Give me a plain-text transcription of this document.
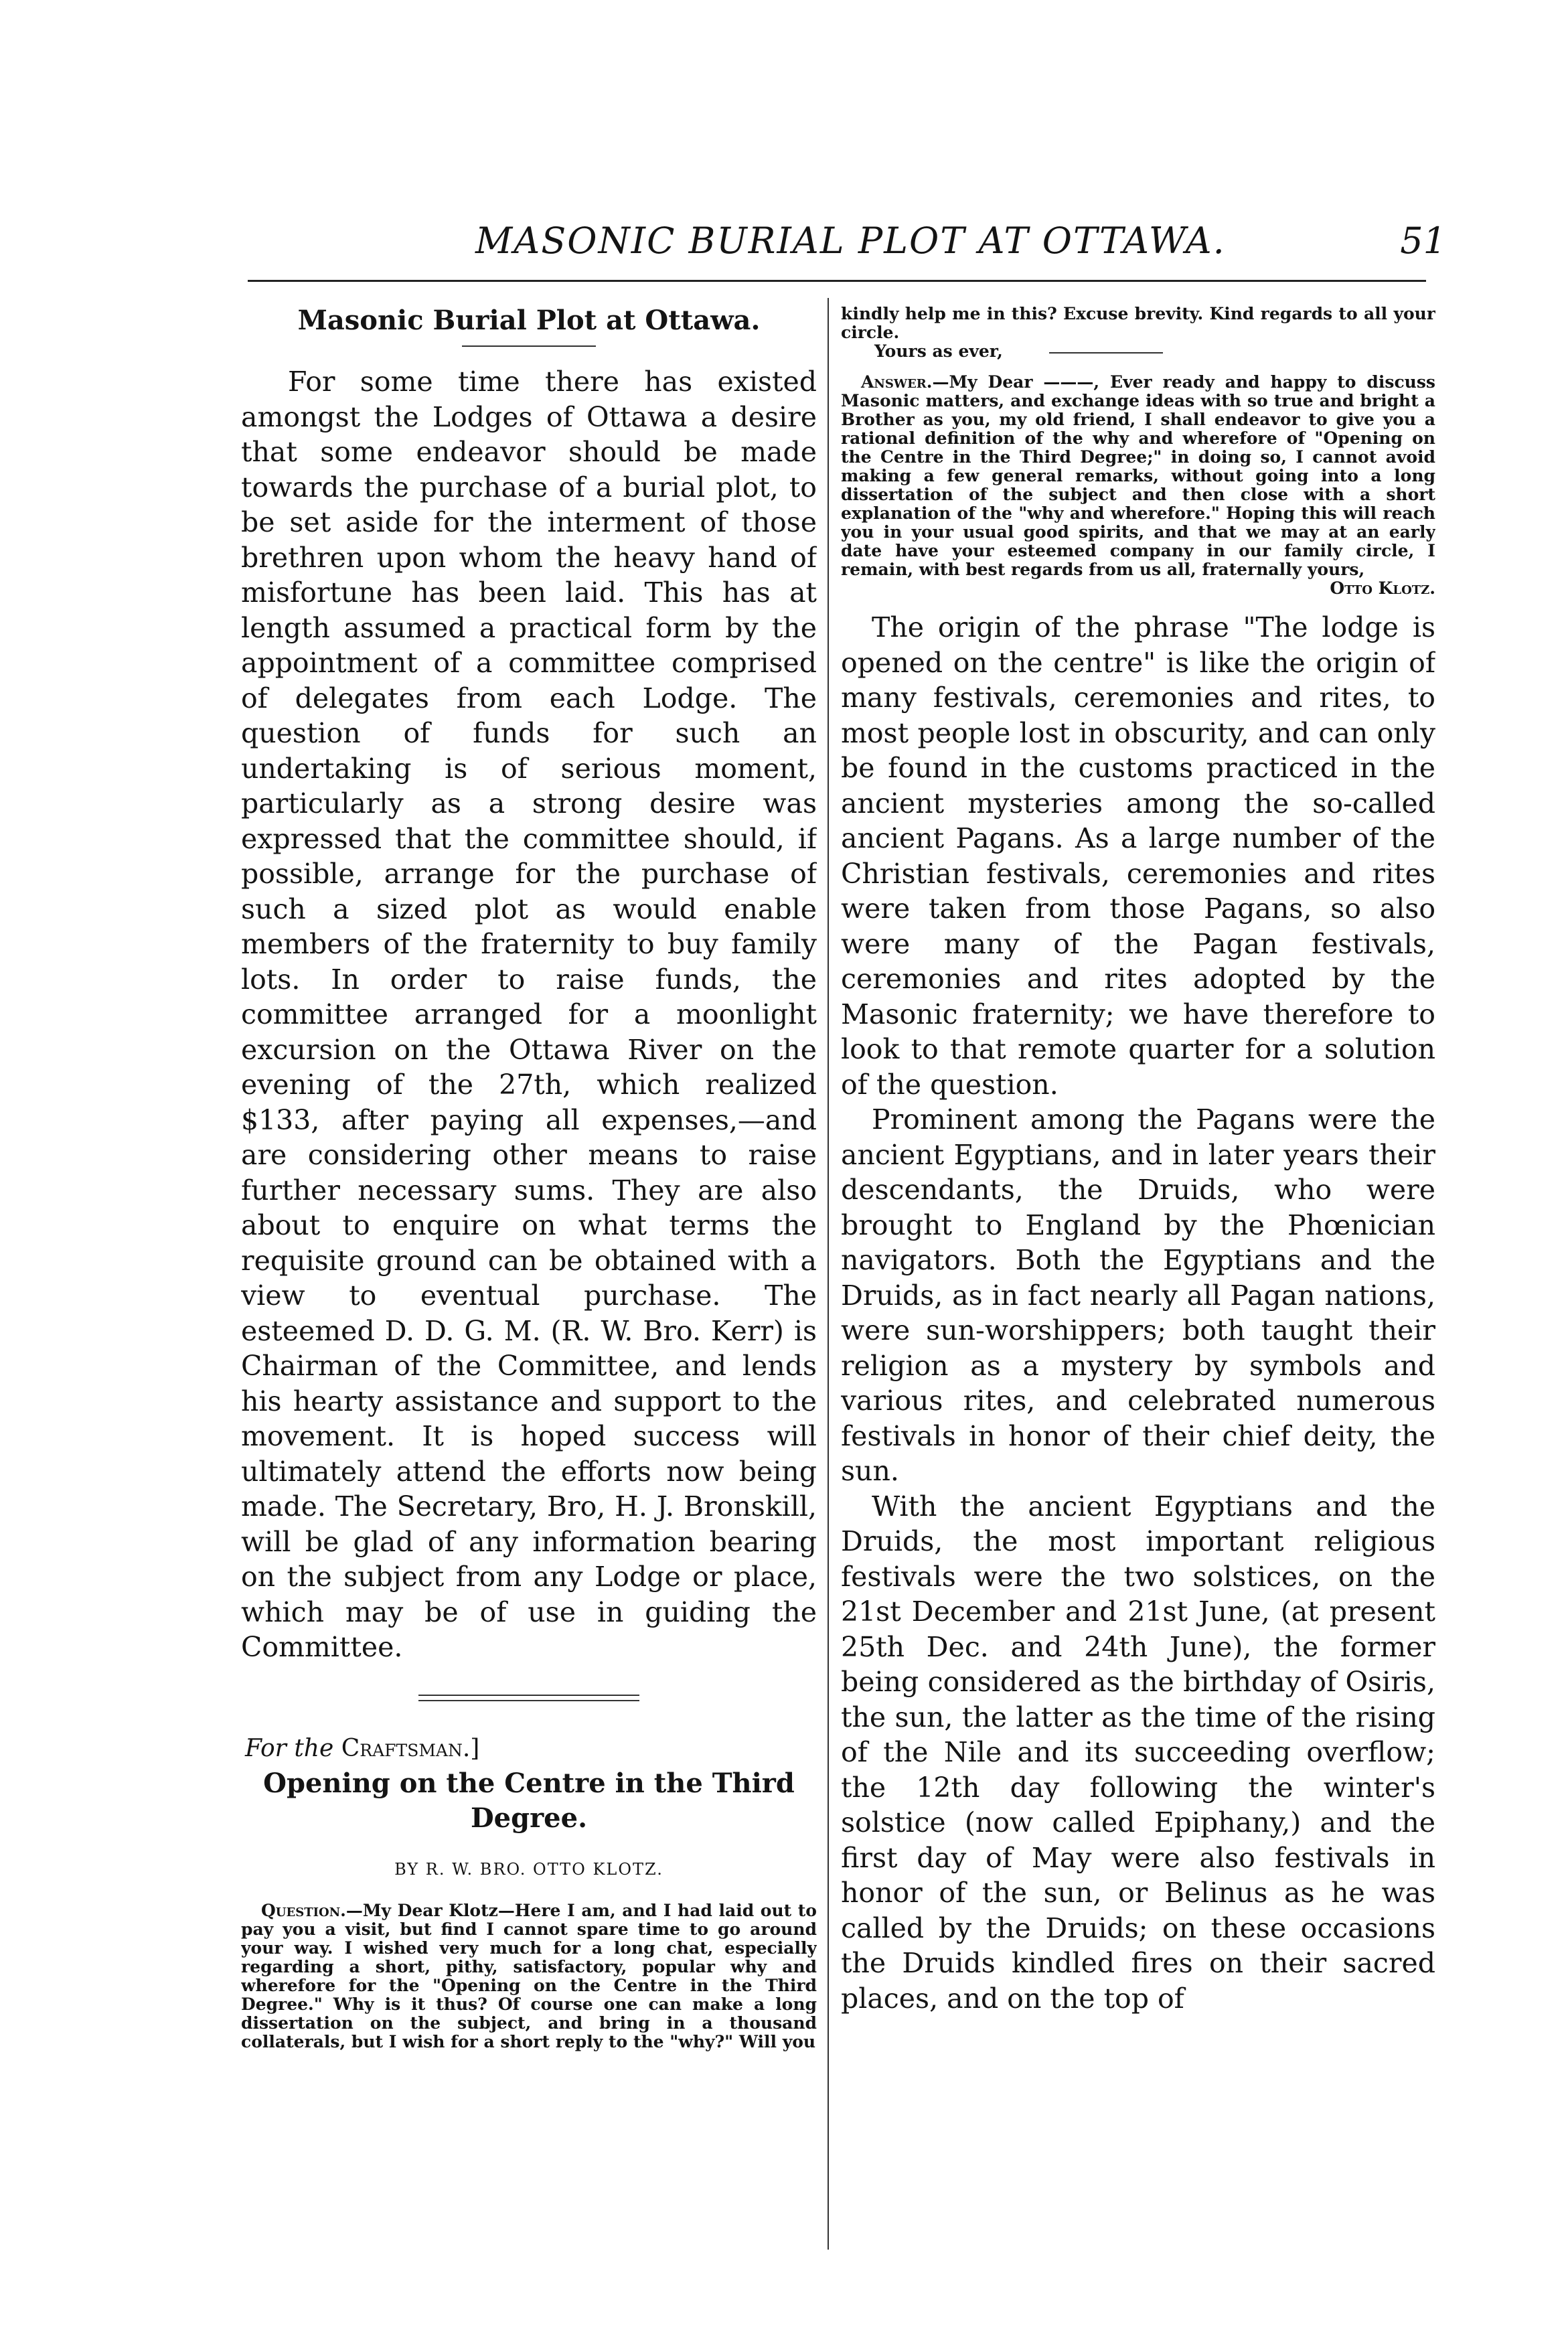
MASONIC BURIAL PLOT AT OTTAWA.	51
Masonic Burial Plot at Ottawa.

For some time there has existed amongst the Lodges of Ottawa a desire that some endeavor should be made towards the purchase of a burial plot, to be set aside for the interment of those brethren upon whom the heavy hand of misfortune has been laid. This has at length assumed a practical form by the appointment of a committee comprised of delegates from each Lodge. The question of funds for such an undertaking is of serious moment, particularly as a strong desire was expressed that the committee should, if possible, arrange for the purchase of such a sized plot as would enable members of the fraternity to buy family lots. In order to raise funds, the committee arranged for a moonlight excursion on the Ottawa River on the evening of the 27th, which realized $133, after paying all expenses,—and are considering other means to raise further necessary sums. They are also about to enquire on what terms the requisite ground can be obtained with a view to eventual purchase. The esteemed D. D. G. M. (R. W. Bro. Kerr) is Chairman of the Committee, and lends his hearty assistance and support to the movement. It is hoped success will ultimately attend the efforts now being made. The Secretary, Bro, H. J. Bronskill, will be glad of any information bearing on the subject from any Lodge or place, which may be of use in guiding the Committee.

For the Craftsman.]
Opening on the Centre in the Third Degree.
BY R. W. BRO. OTTO KLOTZ.

Question.—My Dear Klotz—Here I am, and I had laid out to pay you a visit, but find I cannot spare time to go around your way. I wished very much for a long chat, especially regarding a short, pithy, satisfactory, popular why and wherefore for the "Opening on the Centre in the Third Degree." Why is it thus? Of course one can make a long dissertation on the subject, and bring in a thousand collaterals, but I wish for a short reply to the "why?" Will you

kindly help me in this? Excuse brevity. Kind regards to all your circle.

Yours as ever,

Answer.—My Dear ———, Ever ready and happy to discuss Masonic matters, and exchange ideas with so true and bright a Brother as you, my old friend, I shall endeavor to give you a rational definition of the why and wherefore of "Opening on the Centre in the Third Degree;" in doing so, I cannot avoid making a few general remarks, without going into a long dissertation of the subject and then close with a short explanation of the "why and wherefore." Hoping this will reach you in your usual good spirits, and that we may at an early date have your esteemed company in our family circle, I remain, with best regards from us all, fraternally yours,
Otto Klotz.

The origin of the phrase "The lodge is opened on the centre" is like the origin of many festivals, ceremonies and rites, to most people lost in obscurity, and can only be found in the customs practiced in the ancient mysteries among the so-called ancient Pagans. As a large number of the Christian festivals, ceremonies and rites were taken from those Pagans, so also were many of the Pagan festivals, ceremonies and rites adopted by the Masonic fraternity; we have therefore to look to that remote quarter for a solution of the question.

Prominent among the Pagans were the ancient Egyptians, and in later years their descendants, the Druids, who were brought to England by the Phœnician navigators. Both the Egyptians and the Druids, as in fact nearly all Pagan nations, were sun-worshippers; both taught their religion as a mystery by symbols and various rites, and celebrated numerous festivals in honor of their chief deity, the sun.

With the ancient Egyptians and the Druids, the most important religious festivals were the two solstices, on the 21st December and 21st June, (at present 25th Dec. and 24th June), the former being considered as the birthday of Osiris, the sun, the latter as the time of the rising of the Nile and its succeeding overflow; the 12th day following the winter's solstice (now called Epiphany,) and the first day of May were also festivals in honor of the sun, or Belinus as he was called by the Druids; on these occasions the Druids kindled fires on their sacred places, and on the top of
